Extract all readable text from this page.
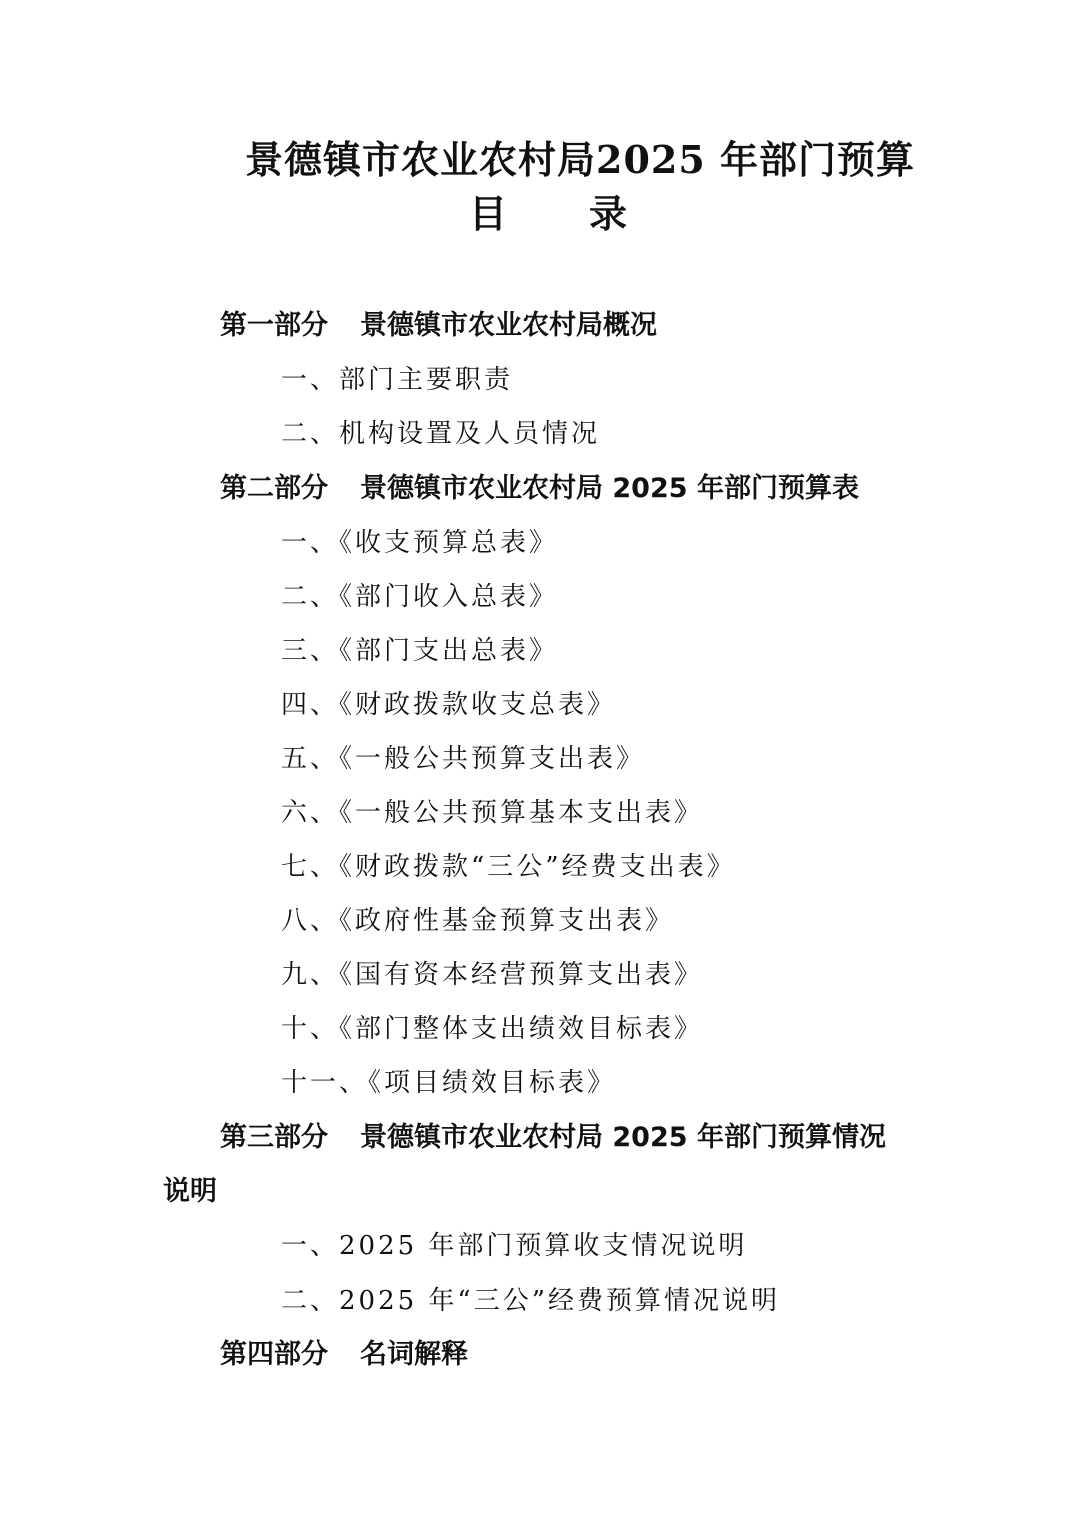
景德镇市农业农村局2025 年部门预算
目 录
第一部分 景德镇市农业农村局概况
一、部门主要职责
二、机构设置及人员情况
第二部分 景德镇市农业农村局 2025 年部门预算表
一、《收支预算总表》
二、《部门收入总表》
三、《部门支出总表》
四、《财政拨款收支总表》
五、《一般公共预算支出表》
六、《一般公共预算基本支出表》
七、《财政拨款“三公”经费支出表》
八、《政府性基金预算支出表》
九、《国有资本经营预算支出表》
十、《部门整体支出绩效目标表》
十一、《项目绩效目标表》
第三部分 景德镇市农业农村局 2025 年部门预算情况
说明
一、2025 年部门预算收支情况说明
二、2025 年“三公”经费预算情况说明
第四部分 名词解释
